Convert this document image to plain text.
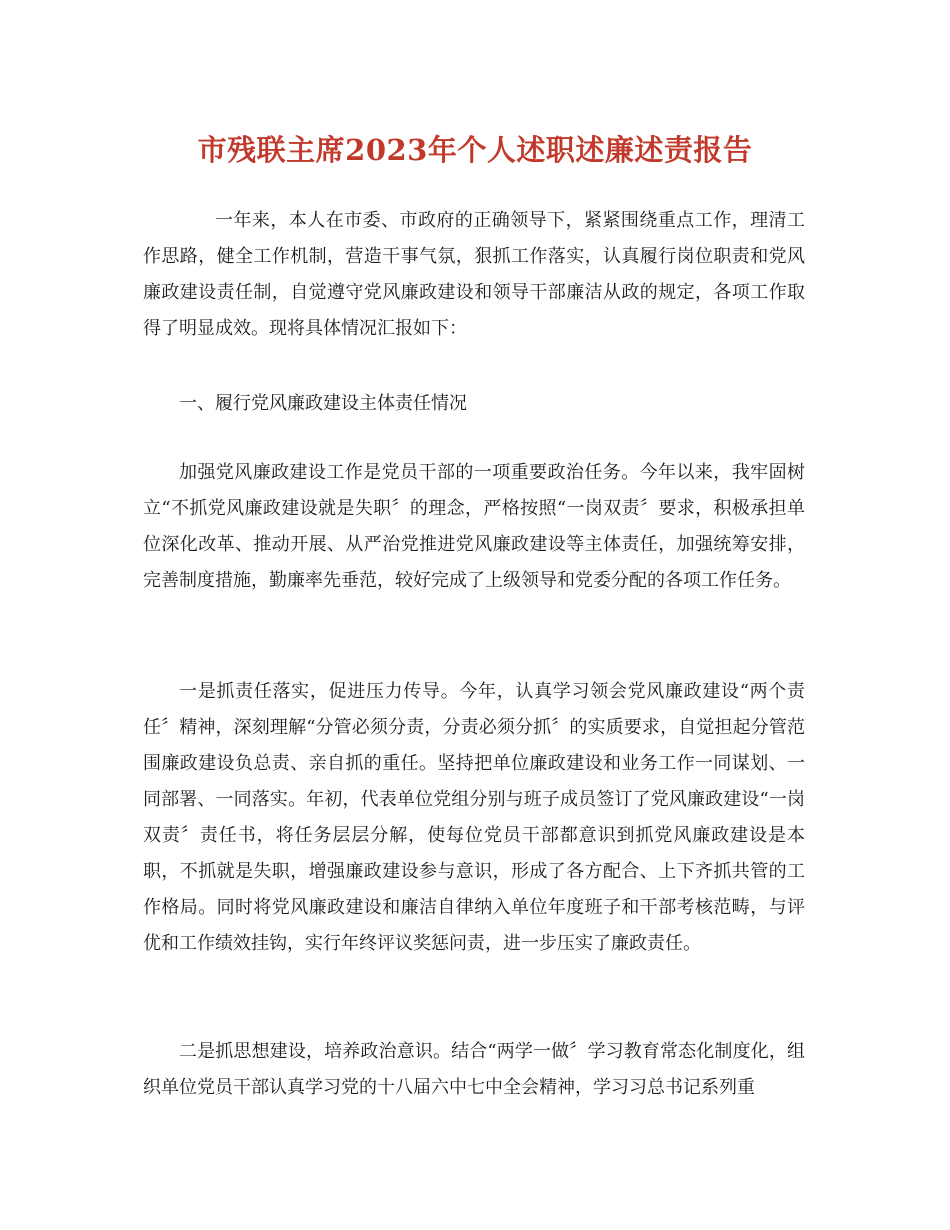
市残联主席2023年个人述职述廉述责报告

一年来，本人在市委、市政府的正确领导下，紧紧围绕重点工作，理清工作思路，健全工作机制，营造干事气氛，狠抓工作落实，认真履行岗位职责和党风廉政建设责任制，自觉遵守党风廉政建设和领导干部廉洁从政的规定，各项工作取得了明显成效。现将具体情况汇报如下：

一、履行党风廉政建设主体责任情况

加强党风廉政建设工作是党员干部的一项重要政治任务。今年以来，我牢固树立“不抓党风廉政建设就是失职〞的理念，严格按照“一岗双责〞要求，积极承担单位深化改革、推动开展、从严治党推进党风廉政建设等主体责任，加强统筹安排，完善制度措施，勤廉率先垂范，较好完成了上级领导和党委分配的各项工作任务。

一是抓责任落实，促进压力传导。今年，认真学习领会党风廉政建设“两个责任〞精神，深刻理解“分管必须分责，分责必须分抓〞的实质要求，自觉担起分管范围廉政建设负总责、亲自抓的重任。坚持把单位廉政建设和业务工作一同谋划、一同部署、一同落实。年初，代表单位党组分别与班子成员签订了党风廉政建设“一岗双责〞责任书，将任务层层分解，使每位党员干部都意识到抓党风廉政建设是本职，不抓就是失职，增强廉政建设参与意识，形成了各方配合、上下齐抓共管的工作格局。同时将党风廉政建设和廉洁自律纳入单位年度班子和干部考核范畴，与评优和工作绩效挂钩，实行年终评议奖惩问责，进一步压实了廉政责任。

二是抓思想建设，培养政治意识。结合“两学一做〞学习教育常态化制度化，组织单位党员干部认真学习党的十八届六中七中全会精神，学习习总书记系列重
